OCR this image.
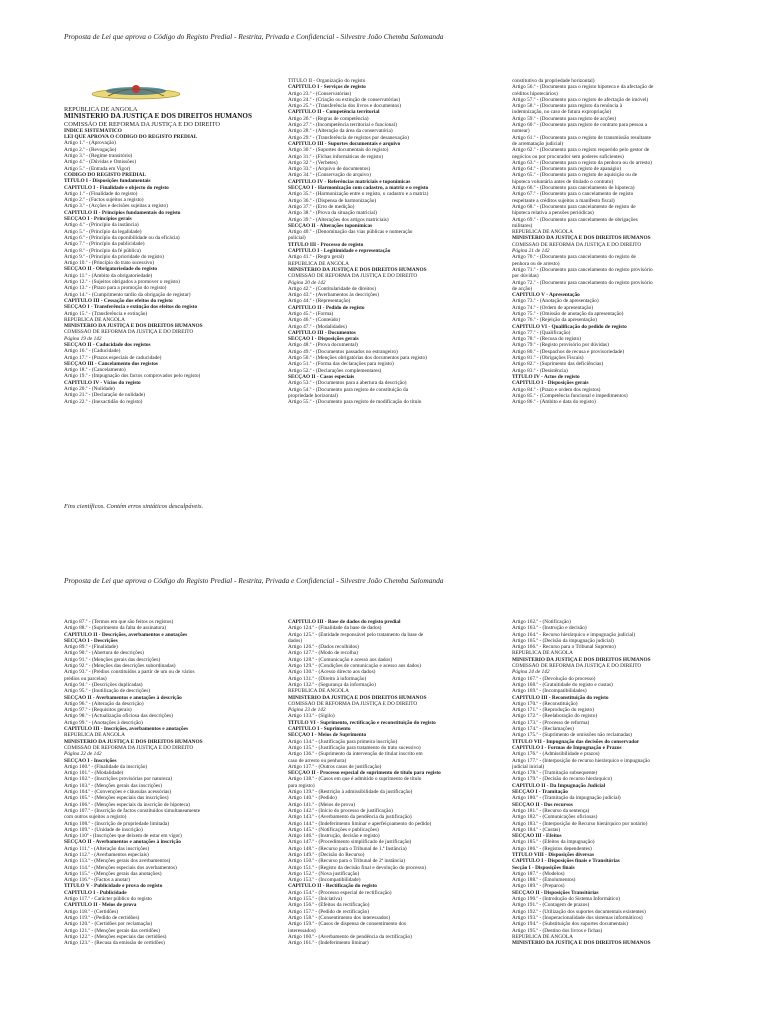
Proposta de Lei que aprova o Código do Registo Predial - Restrita, Privada e Confidencial - Silvestre João Chemba Salomanda
REPÚBLICA DE ANGOLA
MINISTÉRIO DA JUSTIÇA E DOS DIREITOS HUMANOS
COMISSÃO DE REFORMA DA JUSTIÇA E DO DIREITO
ÍNDICE SISTEMÁTICO
LEI QUE APROVA O CÓDIGO DO REGISTO PREDIAL
Artigo 1.º - (Aprovação)
Artigo 2.º - (Revogação)
Artigo 3.º - (Regime transitório)
Artigo 4.º - (Dúvidas e Omissões)
Artigo 5.º - (Entrada em Vigor)
CÓDIGO DO REGISTO PREDIAL
TÍTULO I - Disposições fundamentais
CAPÍTULO I - Finalidade e objecto do registo
Artigo 1.º - (Finalidade do registo)
Artigo 2.º - (Factos sujeitos a registo)
Artigo 3.º - (Acções e decisões sujeitas a registo)
CAPÍTULO II - Princípios fundamentais do registo
SECÇÃO I - Princípios gerais
Artigo 4.º - (Princípio da instância)
Artigo 5.º - (Princípio da legalidade)
Artigo 6.º - (Princípio da oponibilidade ou da eficácia)
Artigo 7.º - (Princípio da publicidade)
Artigo 8.º - (Princípio da fé pública)
Artigo 9.º - (Princípio da prioridade do registo)
Artigo 10.º - (Princípio do trato sucessivo)
SECÇÃO II - Obrigatoriedade do registo
Artigo 11.º - (Âmbito da obrigatoriedade)
Artigo 12.º - (Sujeitos obrigados a promover o registo)
Artigo 13.º - (Prazo para a promoção do registo)
Artigo 14.º - (Cumprimento tardio da obrigação de registar)
CAPÍTULO III - Cessação dos efeitos do registo
SECÇÃO I - Transferência e extinção dos efeitos do registo
Artigo 15.º - (Transferência e extinção)
REPÚBLICA DE ANGOLA
MINISTÉRIO DA JUSTIÇA E DOS DIREITOS HUMANOS
COMISSÃO DE REFORMA DA JUSTIÇA E DO DIREITO
Página 19 de 142
SECÇÃO II - Caducidade dos registos
Artigo 16.º - (Caducidade)
Artigo 17.º - (Prazos especiais de caducidade)
SECÇÃO III - Cancelamento dos registos
Artigo 18.º - (Cancelamento)
Artigo 19.º - (Impugnação dos factos comprovados pelo registo)
CAPÍTULO IV - Vícios do registo
Artigo 20.º - (Nulidade)
Artigo 21.º - (Declaração de nulidade)
Artigo 22.º - (Inexactidão do registo)
TÍTULO II - Organização do registo
CAPÍTULO I - Serviços de registo
Artigo 23.º - (Conservatórias)
Artigo 24.º - (Criação ou extinção de conservatórias)
Artigo 25.º - (Transferência dos livros e documentos)
CAPÍTULO II - Competência territorial
Artigo 26.º - (Regras de competência)
Artigo 27.º - (Incompetência territorial e funcional)
Artigo 28.º - (Alteração da área da conservatória)
Artigo 29.º - (Transferência de registos por desanexação)
CAPÍTULO III - Suportes documentais e arquivo
Artigo 30.º - (Suportes documentais do registo)
Artigo 31.º - (Fichas informáticas de registo)
Artigo 32.º - (Verbetes)
Artigo 33.º - (Arquivo de documentos)
Artigo 34.º - (Conservação do arquivo)
CAPÍTULO IV - Referências matriciais e toponímicas
SECÇÃO I - Harmonização com cadastro, a matriz e o registo
Artigo 35.º - (Harmonização entre o registo, o cadastro e a matriz)
Artigo 36.º - (Dispensa de harmonização)
Artigo 37.º - (Erro de medição)
Artigo 38.º - (Prova da situação matricial)
Artigo 39.º - (Alterações dos artigos matriciais)
SECÇÃO II - Alterações toponímicas
Artigo 40.º - (Denominação das vias públicas e numeração
policial)
TÍTULO III - Processo de registo
CAPÍTULO I - Legitimidade e representação
Artigo 41.º - (Regra geral)
REPÚBLICA DE ANGOLA
MINISTÉRIO DA JUSTIÇA E DOS DIREITOS HUMANOS
COMISSÃO DE REFORMA DA JUSTIÇA E DO DIREITO
Página 20 de 142
Artigo 42.º - (Contitularidade de direitos)
Artigo 43.º - (Averbamentos às descrições)
Artigo 44.º - (Representação)
CAPÍTULO II - Pedido de registo
Artigo 45.º - (Forma)
Artigo 46.º - (Conteúdo)
Artigo 47.º - (Modalidades)
CAPÍTULO III - Documentos
SECÇÃO I - Disposições gerais
Artigo 48.º - (Prova documental)
Artigo 49.º - (Documentos passados no estrangeiro)
Artigo 50.º - (Menções obrigatórias dos documentos para registo)
Artigo 51.º - (Forma das declarações para registo)
Artigo 52.º - (Declarações complementares)
SECÇÃO II - Casos especiais
Artigo 53.º - (Documentos para a abertura da descrição)
Artigo 54.º - (Documento para registo de constituição da
propriedade horizontal)
Artigo 55.º - (Documento para registo de modificação do título
constitutivo da propriedade horizontal)
Artigo 56.º - (Documento para o registo hipoteca e da afectação de
créditos hipotecários)
Artigo 57.º - (Documento para o registo de afectação de imóvel)
Artigo 58.º - (Documento para registo da renúncia à
indemnização, no caso de futura expropriação)
Artigo 59.º - (Documento para registo de acções)
Artigo 60.º - (Documento para registo de contrato para pessoa a
nomear)
Artigo 61.º - (Documento para o registo de transmissão resultante
de arrematação judicial)
Artigo 62.º - (Documento para o registo requerido pelo gestor de
negócios ou por procurador sem poderes suficientes)
Artigo 63.º - (Documento para o registo da penhora ou do arresto)
Artigo 64.º - (Documento para registo de apanágio)
Artigo 65.º - (Documento para o registo de aquisição ou de
hipoteca voluntária antes de titulado o contrato)
Artigo 66.º - (Documento para cancelamento de hipoteca)
Artigo 67.º - (Documento para o cancelamento de registo
respeitante a créditos sujeitos a manifesto fiscal)
Artigo 68.º - (Documento para cancelamento de registo de
hipoteca relativa a pensões periódicas)
Artigo 69.º - (Documento para cancelamento de obrigações
militares)
REPÚBLICA DE ANGOLA
MINISTÉRIO DA JUSTIÇA E DOS DIREITOS HUMANOS
COMISSÃO DE REFORMA DA JUSTIÇA E DO DIREITO
Página 21 de 142
Artigo 70.º - (Documento para cancelamento do registo de
penhora ou de arresto)
Artigo 71.º - (Documento para cancelamento do registo provisório
por dúvidas)
Artigo 72.º - (Documento para cancelamento do registo provisório
de acção)
CAPÍTULO V - Apresentação
Artigo 73.º - (Anotação de apresentação)
Artigo 74.º - (Ordem de apresentação)
Artigo 75.º - (Omissão de anotação da apresentação)
Artigo 76.º - (Rejeição da apresentação)
CAPÍTULO VI - Qualificação do pedido de registo
Artigo 77.º - (Qualificação)
Artigo 78.º - (Recusa do registo)
Artigo 79.º - (Registo provisório por dúvidas)
Artigo 80.º - (Despachos de recusa e provisoriedade)
Artigo 81.º - (Obrigações Fiscais)
Artigo 82.º - (Suprimento das deficiências)
Artigo 83.º - (Desistência)
TÍTULO IV - Actos de registo
CAPÍTULO I - Disposições gerais
Artigo 84.º - (Prazo e ordem dos registos)
Artigo 85.º - (Competência funcional e impedimentos)
Artigo 86.º - (Âmbito e data do registo)
Fins científicos. Contém erros sintáticos desculpáveis.
Proposta de Lei que aprova o Código do Registo Predial - Restrita, Privada e Confidencial - Silvestre João Chemba Salomanda
Artigo 87.º - (Termos em que são feitos os registos)
Artigo 88.º - (Suprimento da falta de assinatura)
CAPÍTULO II - Descrições, averbamentos e anotações
SECÇÃO I - Descrições
Artigo 89.º - (Finalidade)
Artigo 90.º - (Abertura de descrições)
Artigo 91.º - (Menções gerais das descrições)
Artigo 92.º - (Menções das descrições subordinadas)
Artigo 93.º - (Prédios constituídos a partir de um ou de vários
prédios ou parcelas)
Artigo 94.º - (Descrições duplicadas)
Artigo 95.º - (Inutilização de descrições)
SECÇÃO II - Averbamentos e anotações à descrição
Artigo 96.º - (Alteração da descrição)
Artigo 97.º - (Requisitos gerais)
Artigo 98.º - (Actualização oficiosa das descrições)
Artigo 99.º - (Anotações à descrição)
CAPÍTULO III - Inscrições, averbamentos e anotações
REPÚBLICA DE ANGOLA
MINISTÉRIO DA JUSTIÇA E DOS DIREITOS HUMANOS
COMISSÃO DE REFORMA DA JUSTIÇA E DO DIREITO
Página 22 de 142
SECÇÃO I - Inscrições
Artigo 100.º - (Finalidade da inscrição)
Artigo 101.º - (Modalidade)
Artigo 102.º - (Inscrições provisórias por natureza)
Artigo 103.º - (Menções gerais das inscrições)
Artigo 104.º - (Convenções e cláusulas acessórias)
Artigo 105.º - (Menções especiais das inscrições)
Artigo 106.º - (Menções especiais da inscrição de hipoteca)
Artigo 107.º - (Inscrição de factos constituídos simultaneamente
com outros sujeitos a registo)
Artigo 108.º - (Inscrição de propriedade limitada)
Artigo 109.º - (Unidade de inscrição)
Artigo 110º - (Inscrições que deixem de estar em vigor)
SECÇÃO II - Averbamentos e anotações à inscrição
Artigo 111.º - (Alteração das inscrições)
Artigo 112.º - (Averbamentos especiais)
Artigo 113.º - (Menções gerais dos averbamentos)
Artigo 114.º - (Menções especiais dos averbamentos)
Artigo 115.º - (Menções gerais das anotações)
Artigo 116.º - (Factos a anotar)
TÍTULO V - Publicidade e prova do registo
CAPÍTULO I - Publicidade
Artigo 117.º - Carácter público do registo
CAPÍTULO II - Meios de prova
Artigo 118.º - (Certidões)
Artigo 119.º - (Pedido de certidões)
Artigo 120.º - (Certidões por reclamação)
Artigo 121.º - (Menções gerais das certidões)
Artigo 122.º - (Menções especiais das certidões)
Artigo 123.º - (Recusa da emissão de certidões)
CAPÍTULO III - Base de dados do registo predial
Artigo 124.º - (Finalidade da base de dados)
Artigo 125.º - (Entidade responsável pelo tratamento da base de
dados)
Artigo 126.º - (Dados recolhidos)
Artigo 127.º - (Modo de recolha)
Artigo 128.º - (Comunicação e acesso aos dados)
Artigo 129.º - (Condições de comunicação e acesso aos dados)
Artigo 130.º - (Acesso directo aos dados)
Artigo 131.º - (Direito à informação)
Artigo 132.º - (Segurança da informação)
REPÚBLICA DE ANGOLA
MINISTÉRIO DA JUSTIÇA E DOS DIREITOS HUMANOS
COMISSÃO DE REFORMA DA JUSTIÇA E DO DIREITO
Página 23 de 142
Artigo 133.º - (Sigilo)
TÍTULO VI - Suprimento, rectificação e reconstituição do registo
CAPÍTULO I - Suprimento
SECÇÃO I - Meios de Suprimento
Artigo 134.º - (Justificação para primeira inscrição)
Artigo 135.º - (Justificação para tratamento do trato sucessivo)
Artigo 136.º - (Suprimento da intervenção de titular inscrito em
caso de arresto ou penhora)
Artigo 137.º - (Outros casos de justificação)
SECÇÃO II - Processo especial de suprimento de título para registo
Artigo 138.º - (Casos em que é admitido o suprimento de título
para registo)
Artigo 139.º - (Restrição à admissibilidade da justificação)
Artigo 140.º - (Pedido)
Artigo 141.º - (Meios de prova)
Artigo 142.º - (Início do processo de justificação)
Artigo 143.º - (Averbamento da pendência da justificação)
Artigo 144.º - (Indeferimento liminar e aperfeiçoamento do pedido)
Artigo 145.º - (Notificações e publicações)
Artigo 146.º - (Instrução, decisão e registo)
Artigo 147.º - (Procedimento simplificado de justificação)
Artigo 148.º - (Recurso para o Tribunal de 1.ª Instância)
Artigo 149.º - (Decisão do Recurso)
Artigo 150.º - (Recurso para o Tribunal de 2ª instância)
Artigo 151.º - (Registo da decisão final e devolução do processo)
Artigo 152.º - (Nova justificação)
Artigo 153.º - (Incompatibilidade)
CAPÍTULO II - Rectificação do registo
Artigo 154.º - (Processo especial de rectificação)
Artigo 155.º - (Iniciativa)
Artigo 156.º - (Efeitos da rectificação)
Artigo 157.º - (Pedido de rectificação)
Artigo 158.º - (Consentimento dos interessados)
Artigo 159.º - (Casos de dispensa de consentimento dos
interessados)
Artigo 160.º - (Averbamento de pendência da rectificação)
Artigo 161.º - (Indeferimento liminar)
Artigo 162.º - (Notificação)
Artigo 163.º - (Instrução e decisão)
Artigo 164.º - Recurso hierárquico e impugnação judicial)
Artigo 165.º - (Decisão da impugnação judicial)
Artigo 166.º - Recurso para o Tribunal Supremo)
REPÚBLICA DE ANGOLA
MINISTÉRIO DA JUSTIÇA E DOS DIREITOS HUMANOS
COMISSÃO DE REFORMA DA JUSTIÇA E DO DIREITO
Página 24 de 142
Artigo 167.º - (Devolução do processo)
Artigo 168.º - (Gratuitidade do registo e custas)
Artigo 169.º - (Incompatibilidades)
CAPÍTULO III - Reconstituição do registo
Artigo 170.º - (Reconstituição)
Artigo 171.º - (Reprodução do registo)
Artigo 172.º - (Reelaboração do registo)
Artigo 173.º - (Processo de reforma)
Artigo 174.º - (Reclamações)
Artigo 175.º - (Suprimento de omissões não reclamadas)
TÍTULO VII - Impugnação das decisões do conservador
CAPÍTULO I - Formas de Impugnação e Prazos
Artigo 176.º - (Admissibilidade e prazos)
Artigo 177.º - (Interposição de recurso hierárquico e impugnação
judicial inicial)
Artigo 178.º - (Tramitação subsequente)
Artigo 179.º - (Decisão do recurso hierárquico)
CAPÍTULO II - Da Impugnação Judicial
SECÇÃO I - Tramitação
Artigo 180.º - (Tramitação da impugnação judicial)
SECÇÃO II - Dos recursos
Artigo 181.º - (Recurso da sentença)
Artigo 182.º - (Comunicações oficiosas)
Artigo 183.º - (Interposição de Recurso hierárquico por notário)
Artigo 184.º - (Custas)
SECÇÃO III - Efeitos
Artigo 185.º - (Efeitos da impugnação)
Artigo 186.º - (Registos dependentes)
TÍTULO VIII - Disposições diversas
CAPÍTULO I - Disposições finais e Transitórias
Secção I - Disposições finais
Artigo 187.º - (Modelos)
Artigo 188.º - (Emolumentos)
Artigo 189.º - (Preparos)
SECÇÃO II - Disposições Transitórias
Artigo 190.º - (Introdução do Sistema Informático)
Artigo 191.º - (Contagem de prazos)
Artigo 192.º - (Utilização dos suportes documentais existentes)
Artigo 193.º - (Inoperacionalidade dos sistemas informáticos)
Artigo 194.º - (Substituição dos suportes documentais)
Artigo 195.º - (Destino dos livros e fichas)
REPÚBLICA DE ANGOLA
MINISTÉRIO DA JUSTIÇA E DOS DIREITOS HUMANOS
